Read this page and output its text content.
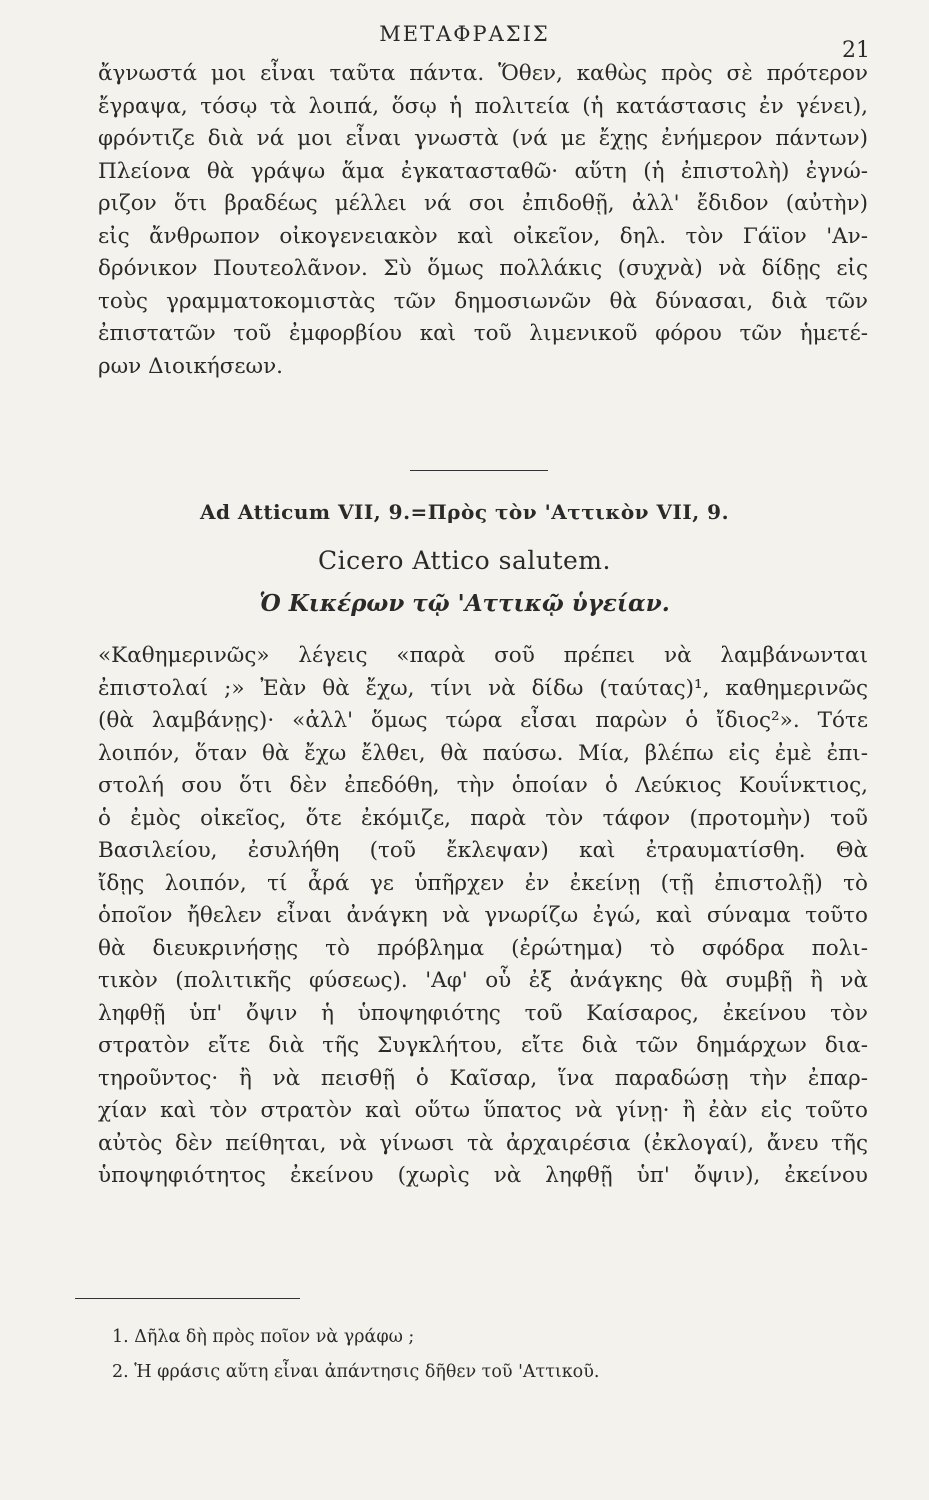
ΜΕΤΑΦΡΑΣΙΣ
21
ἄγνωστά μοι εἶναι ταῦτα πάντα. Ὅθεν, καθὼς πρὸς σὲ πρότερον
ἔγραψα, τόσῳ τὰ λοιπά, ὅσῳ ἡ πολιτεία (ἡ κατάστασις ἐν γένει),
φρόντιζε διὰ νά μοι εἶναι γνωστὰ (νά με ἔχῃς ἐνήμερον πάντων)
Πλείονα θὰ γράψω ἅμα ἐγκατασταθῶ· αὕτη (ἡ ἐπιστολὴ) ἐγνώ-
ριζον ὅτι βραδέως μέλλει νά σοι ἐπιδοθῇ, ἀλλ' ἔδιδον (αὐτὴν)
εἰς ἄνθρωπον οἰκογενειακὸν καὶ οἰκεῖον, δηλ. τὸν Γάϊον 'Αν-
δρόνικον Πουτεολᾶνον. Σὺ ὅμως πολλάκις (συχνὰ) νὰ δίδῃς εἰς
τοὺς γραμματοκομιστὰς τῶν δημοσιωνῶν θὰ δύνασαι, διὰ τῶν
ἐπιστατῶν τοῦ ἐμφορβίου καὶ τοῦ λιμενικοῦ φόρου τῶν ἡμετέ-
ρων Διοικήσεων.
Ad Atticum VII, 9.=Πρὸς τὸν 'Αττικὸν VII, 9.
Cicero Attico salutem.
Ὁ Κικέρων τῷ 'Αττικῷ ὑγείαν.
«Καθημερινῶς» λέγεις «παρὰ σοῦ πρέπει νὰ λαμβάνωνται
ἐπιστολαί ;» Ἐὰν θὰ ἔχω, τίνι νὰ δίδω (ταύτας)¹, καθημερινῶς
(θὰ λαμβάνῃς)· «ἀλλ' ὅμως τώρα εἶσαι παρὼν ὁ ἴδιος²». Τότε
λοιπόν, ὅταν θὰ ἔχω ἔλθει, θὰ παύσω. Μία, βλέπω εἰς ἐμὲ ἐπι-
στολή σου ὅτι δὲν ἐπεδόθη, τὴν ὁποίαν ὁ Λεύκιος Κουΐνκτιος,
ὁ ἐμὸς οἰκεῖος, ὅτε ἐκόμιζε, παρὰ τὸν τάφον (προτομὴν) τοῦ
Βασιλείου, ἐσυλήθη (τοῦ ἔκλεψαν) καὶ ἐτραυματίσθη. Θὰ
ἴδῃς λοιπόν, τί ἆρά γε ὑπῆρχεν ἐν ἐκείνῃ (τῇ ἐπιστολῇ) τὸ
ὁποῖον ἤθελεν εἶναι ἀνάγκη νὰ γνωρίζω ἐγώ, καὶ σύναμα τοῦτο
θὰ διευκρινήσῃς τὸ πρόβλημα (ἐρώτημα) τὸ σφόδρα πολι-
τικὸν (πολιτικῆς φύσεως). 'Αφ' οὗ ἐξ ἀνάγκης θὰ συμβῇ ἢ νὰ
ληφθῇ ὑπ' ὄψιν ἡ ὑποψηφιότης τοῦ Καίσαρος, ἐκείνου τὸν
στρατὸν εἴτε διὰ τῆς Συγκλήτου, εἴτε διὰ τῶν δημάρχων δια-
τηροῦντος· ἢ νὰ πεισθῇ ὁ Καῖσαρ, ἵνα παραδώσῃ τὴν ἐπαρ-
χίαν καὶ τὸν στρατὸν καὶ οὕτω ὕπατος νὰ γίνῃ· ἢ ἐὰν εἰς τοῦτο
αὐτὸς δὲν πείθηται, νὰ γίνωσι τὰ ἀρχαιρέσια (ἐκλογαί), ἄνευ τῆς
ὑποψηφιότητος ἐκείνου (χωρὶς νὰ ληφθῇ ὑπ' ὄψιν), ἐκείνου
1. Δῆλα δὴ πρὸς ποῖον νὰ γράφω ;
2. Ἡ φράσις αὕτη εἶναι ἀπάντησις δῆθεν τοῦ 'Αττικοῦ.
